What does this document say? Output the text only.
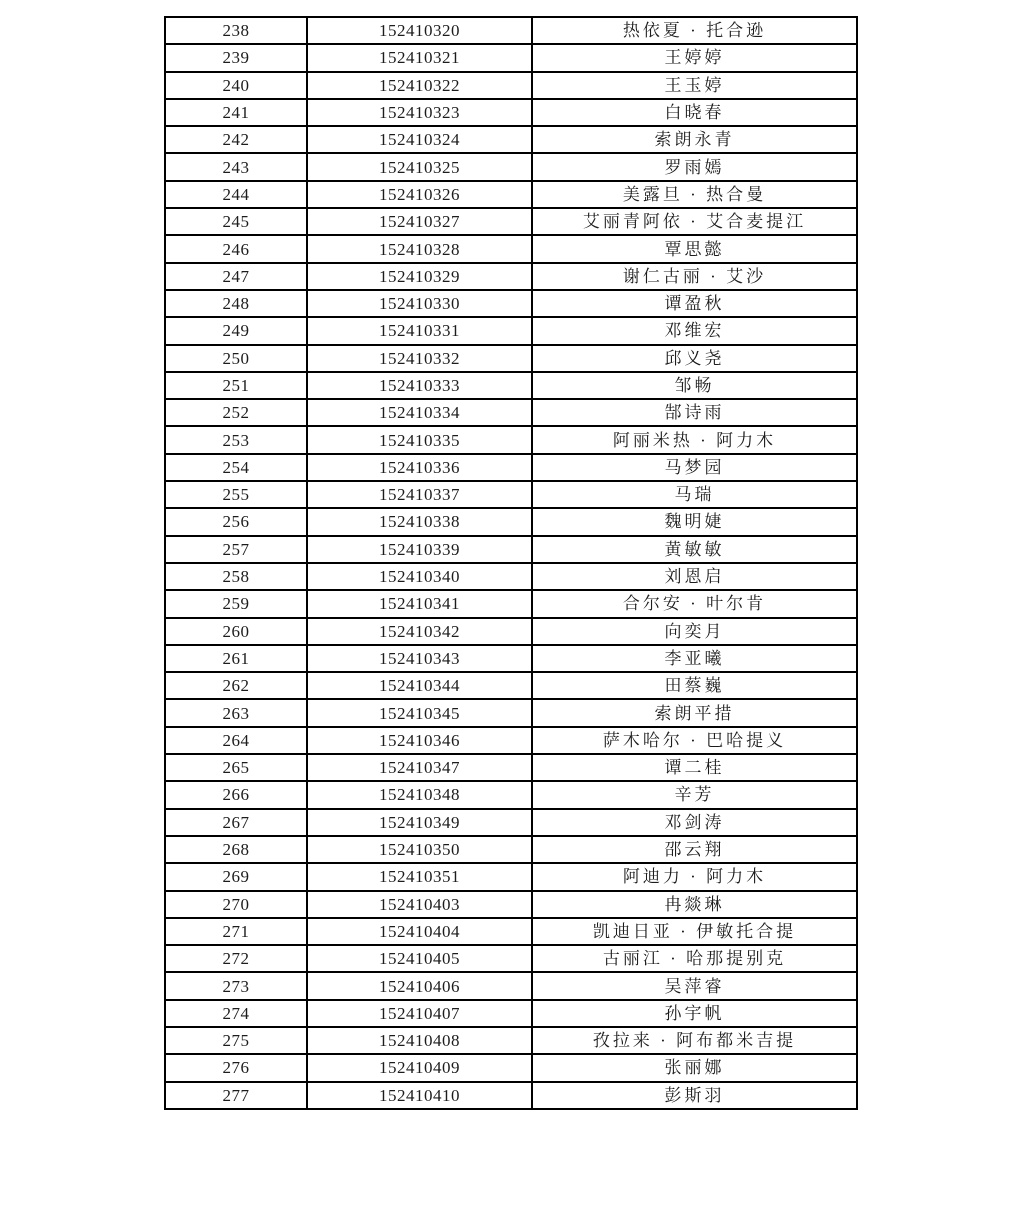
238	152410320	热依夏 · 托合逊
239	152410321	王婷婷
240	152410322	王玉婷
241	152410323	白晓春
242	152410324	索朗永青
243	152410325	罗雨嫣
244	152410326	美露旦 · 热合曼
245	152410327	艾丽青阿依 · 艾合麦提江
246	152410328	覃思懿
247	152410329	谢仁古丽 · 艾沙
248	152410330	谭盈秋
249	152410331	邓维宏
250	152410332	邱义尧
251	152410333	邹畅
252	152410334	郜诗雨
253	152410335	阿丽米热 · 阿力木
254	152410336	马梦园
255	152410337	马瑞
256	152410338	魏明婕
257	152410339	黄敏敏
258	152410340	刘恩启
259	152410341	合尔安 · 叶尔肯
260	152410342	向奕月
261	152410343	李亚曦
262	152410344	田蔡巍
263	152410345	索朗平措
264	152410346	萨木哈尔 · 巴哈提义
265	152410347	谭二桂
266	152410348	辛芳
267	152410349	邓剑涛
268	152410350	邵云翔
269	152410351	阿迪力 · 阿力木
270	152410403	冉燚琳
271	152410404	凯迪日亚 · 伊敏托合提
272	152410405	古丽江 · 哈那提别克
273	152410406	吴萍睿
274	152410407	孙宇帆
275	152410408	孜拉来 · 阿布都米吉提
276	152410409	张丽娜
277	152410410	彭斯羽
